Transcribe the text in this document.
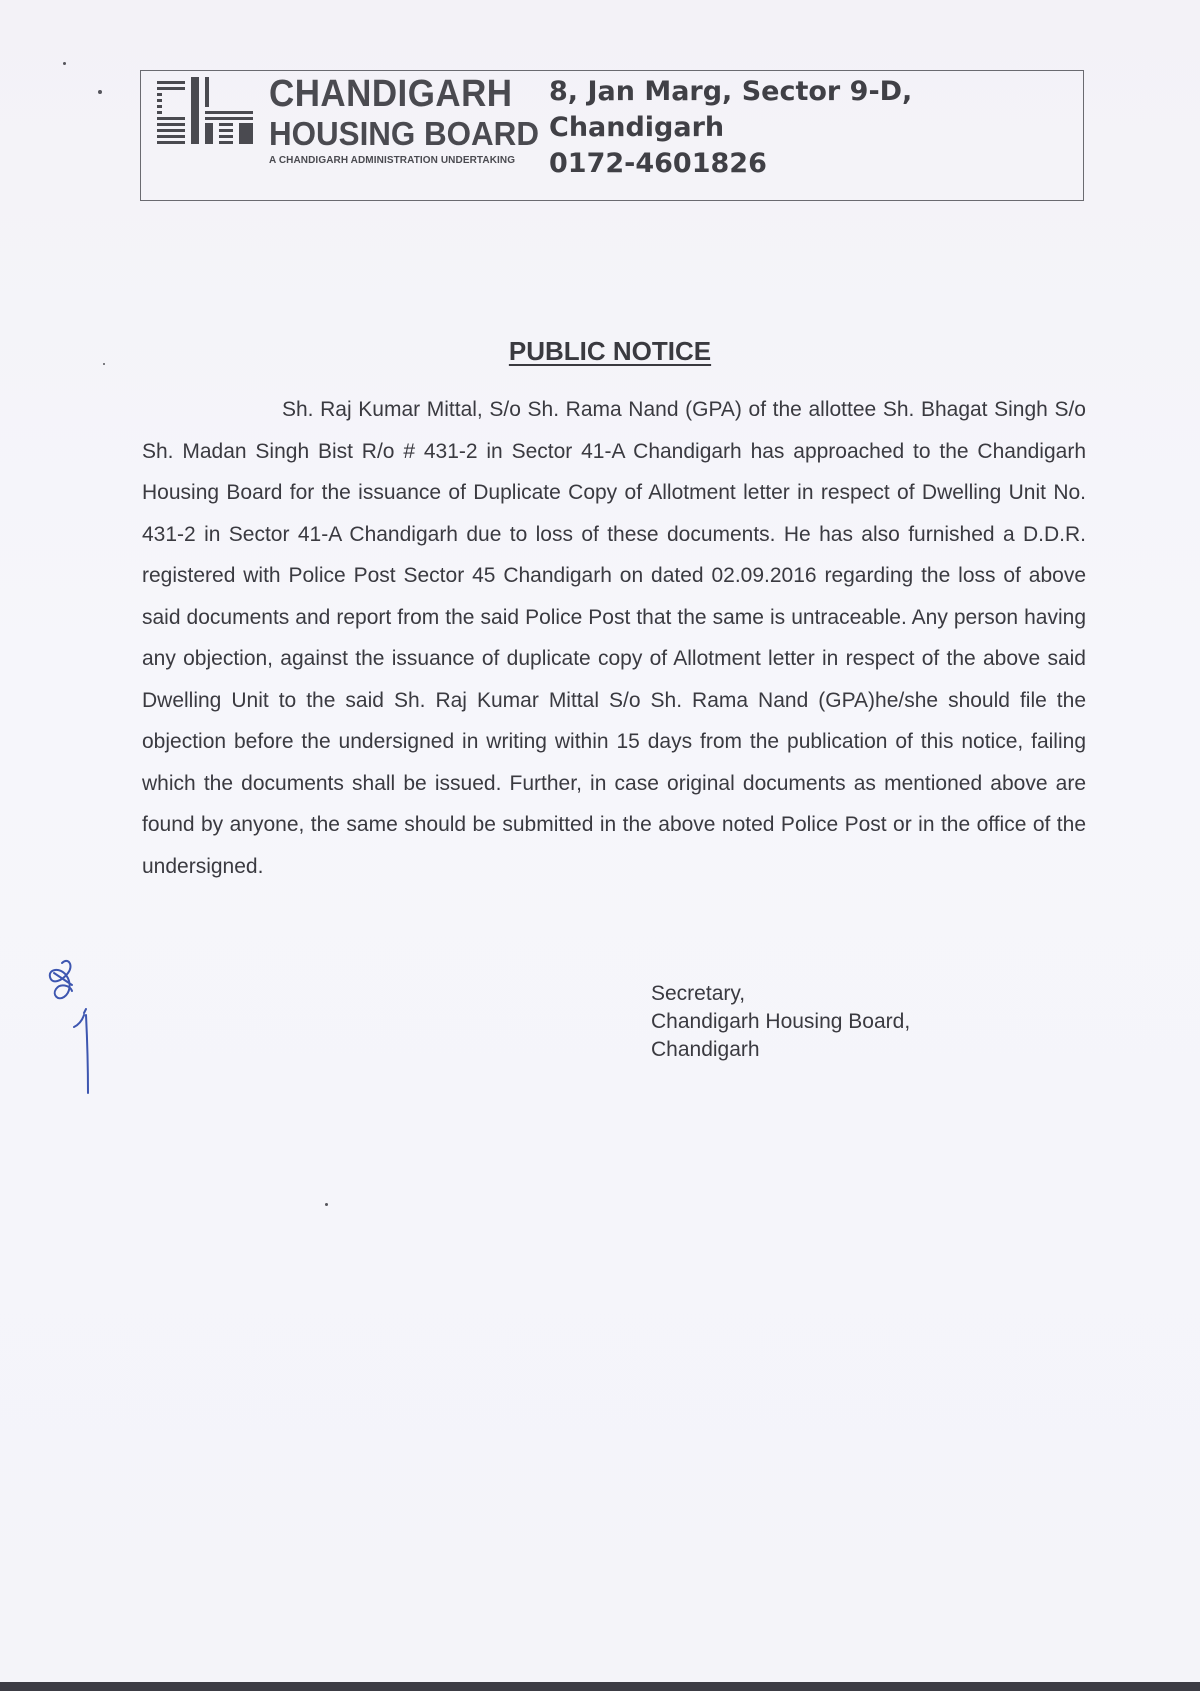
CHANDIGARH
HOUSING BOARD
A CHANDIGARH ADMINISTRATION UNDERTAKING
8, Jan Marg, Sector 9-D,
Chandigarh
0172-4601826
PUBLIC NOTICE

Sh. Raj Kumar Mittal, S/o Sh. Rama Nand (GPA) of the allottee Sh. Bhagat Singh S/o Sh. Madan Singh Bist R/o # 431-2 in Sector 41-A Chandigarh has approached to the Chandigarh Housing Board for the issuance of Duplicate Copy of Allotment letter in respect of Dwelling Unit No. 431-2 in Sector 41-A Chandigarh due to loss of these documents. He has also furnished a D.D.R. registered with Police Post Sector 45 Chandigarh on dated 02.09.2016 regarding the loss of above said documents and report from the said Police Post that the same is untraceable. Any person having any objection, against the issuance of duplicate copy of Allotment letter in respect of the above said Dwelling Unit to the said Sh. Raj Kumar Mittal S/o Sh. Rama Nand (GPA)he/she should file the objection before the undersigned in writing within 15 days from the publication of this notice, failing which the documents shall be issued. Further, in case original documents as mentioned above are found by anyone, the same should be submitted in the above noted Police Post or in the office of the undersigned.

Secretary,
Chandigarh Housing Board,
Chandigarh
